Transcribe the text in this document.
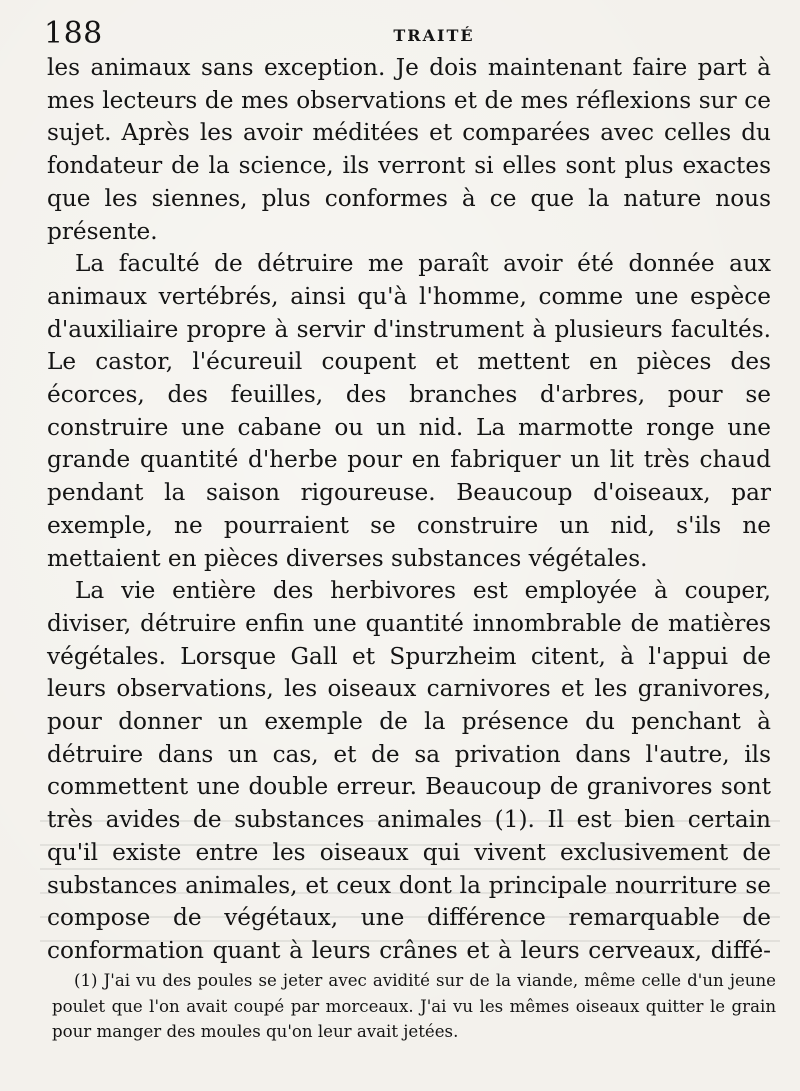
188	TRAITÉ

les animaux sans exception. Je dois maintenant faire part à mes lecteurs de mes observations et de mes réflexions sur ce sujet. Après les avoir méditées et comparées avec celles du fondateur de la science, ils verront si elles sont plus exactes que les siennes, plus conformes à ce que la nature nous présente.

La faculté de détruire me paraît avoir été donnée aux animaux vertébrés, ainsi qu'à l'homme, comme une espèce d'auxiliaire propre à servir d'instrument à plusieurs facultés. Le castor, l'écureuil coupent et mettent en pièces des écorces, des feuilles, des branches d'arbres, pour se construire une cabane ou un nid. La marmotte ronge une grande quantité d'herbe pour en fabriquer un lit très chaud pendant la saison rigoureuse. Beaucoup d'oiseaux, par exemple, ne pourraient se construire un nid, s'ils ne mettaient en pièces diverses substances végétales.

La vie entière des herbivores est employée à couper, diviser, détruire enfin une quantité innombrable de matières végétales. Lorsque Gall et Spurzheim citent, à l'appui de leurs observations, les oiseaux carnivores et les granivores, pour donner un exemple de la présence du penchant à détruire dans un cas, et de sa privation dans l'autre, ils commettent une double erreur. Beaucoup de granivores sont très avides de substances animales (1). Il est bien certain qu'il existe entre les oiseaux qui vivent exclusivement de substances animales, et ceux dont la principale nourriture se compose de végétaux, une différence remarquable de conformation quant à leurs crânes et à leurs cerveaux, diffé-

(1) J'ai vu des poules se jeter avec avidité sur de la viande, même celle d'un jeune poulet que l'on avait coupé par morceaux. J'ai vu les mêmes oiseaux quitter le grain pour manger des moules qu'on leur avait jetées.
